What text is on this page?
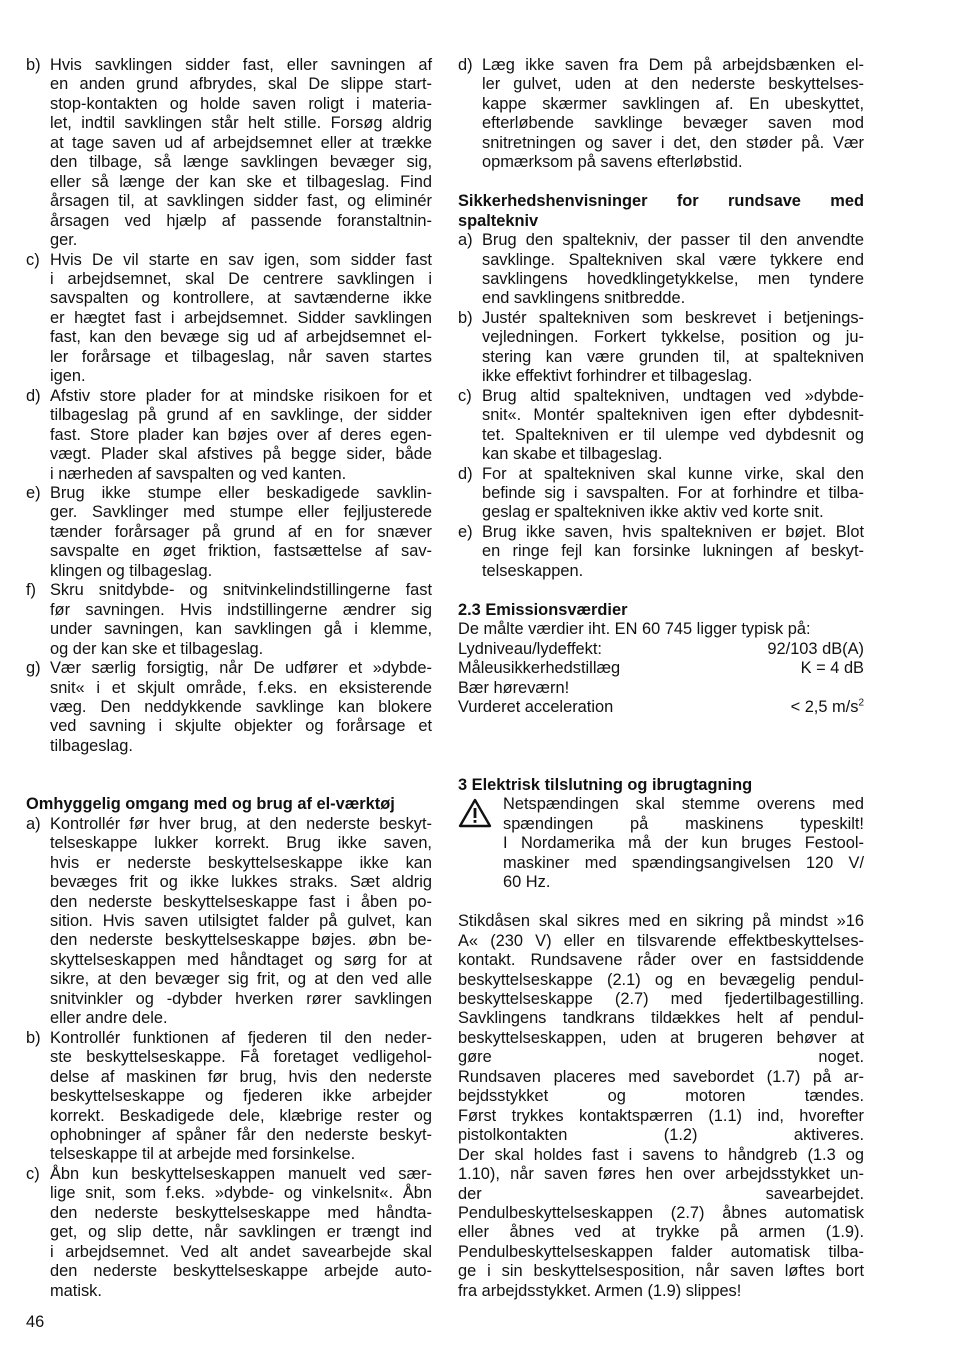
b) Hvis savklingen sidder fast, eller savningen af
en anden grund afbrydes, skal De slippe start-
stop-kontakten og holde saven roligt i materia-
let, indtil savklingen står helt stille. Forsøg aldrig
at tage saven ud af arbejdsemnet eller at trække
den tilbage, så længe savklingen bevæger sig,
eller så længe der kan ske et tilbageslag. Find
årsagen til, at savklingen sidder fast, og eliminér
årsagen ved hjælp af passende foranstaltnin-
ger.
c) Hvis De vil starte en sav igen, som sidder fast
i arbejdsemnet, skal De centrere savklingen i
savspalten og kontrollere, at savtænderne ikke
er hægtet fast i arbejdsemnet. Sidder savklingen
fast, kan den bevæge sig ud af arbejdsemnet el-
ler forårsage et tilbageslag, når saven startes
igen.
d) Afstiv store plader for at mindske risikoen for et
tilbageslag på grund af en savklinge, der sidder
fast. Store plader kan bøjes over af deres egen-
vægt. Plader skal afstives på begge sider, både
i nærheden af savspalten og ved kanten.
e) Brug ikke stumpe eller beskadigede savklin-
ger. Savklinger med stumpe eller fejljusterede
tænder forårsager på grund af en for snæver
savspalte en øget friktion, fastsættelse af sav-
klingen og tilbageslag.
f) Skru snitdybde- og snitvinkelindstillingerne fast
før savningen. Hvis indstillingerne ændrer sig
under savningen, kan savklingen gå i klemme,
og der kan ske et tilbageslag.
g) Vær særlig forsigtig, når De udfører et »dybde-
snit« i et skjult område, f.eks. en eksisterende
væg. Den neddykkende savklinge kan blokere
ved savning i skjulte objekter og forårsage et
tilbageslag.
Omhyggelig omgang med og brug af el-værktøj
a) Kontrollér før hver brug, at den nederste beskyt-
telseskappe lukker korrekt. Brug ikke saven,
hvis er nederste beskyttelseskappe ikke kan
bevæges frit og ikke lukkes straks. Sæt aldrig
den nederste beskyttelseskappe fast i åben po-
sition. Hvis saven utilsigtet falder på gulvet, kan
den nederste beskyttelseskappe bøjes. øbn be-
skyttelseskappen med håndtaget og sørg for at
sikre, at den bevæger sig frit, og at den ved alle
snitvinkler og -dybder hverken rører savklingen
eller andre dele.
b) Kontrollér funktionen af fjederen til den neder-
ste beskyttelseskappe. Få foretaget vedligehol-
delse af maskinen før brug, hvis den nederste
beskyttelseskappe og fjederen ikke arbejder
korrekt. Beskadigede dele, klæbrige rester og
ophobninger af spåner får den nederste beskyt-
telseskappe til at arbejde med forsinkelse.
c) Åbn kun beskyttelseskappen manuelt ved sær-
lige snit, som f.eks. »dybde- og vinkelsnit«. Åbn
den nederste beskyttelseskappe med håndta-
get, og slip dette, når savklingen er trængt ind
i arbejdsemnet. Ved alt andet savearbejde skal
den nederste beskyttelseskappe arbejde auto-
matisk.
d) Læg ikke saven fra Dem på arbejdsbænken el-
ler gulvet, uden at den nederste beskyttelses-
kappe skærmer savklingen af. En ubeskyttet,
efterløbende savklinge bevæger saven mod
snitretningen og saver i det, den støder på. Vær
opmærksom på savens efterløbstid.
Sikkerhedshenvisninger for rundsave med
spaltekniv
a) Brug den spaltekniv, der passer til den anvendte
savklinge. Spaltekniven skal være tykkere end
savklingens hovedklingetykkelse, men tyndere
end savklingens snitbredde.
b) Justér spaltekniven som beskrevet i betjenings-
vejledningen. Forkert tykkelse, position og ju-
stering kan være grunden til, at spaltekniven
ikke effektivt forhindrer et tilbageslag.
c) Brug altid spaltekniven, undtagen ved »dybde-
snit«. Montér spaltekniven igen efter dybdesnit-
tet. Spaltekniven er til ulempe ved dybdesnit og
kan skabe et tilbageslag.
d) For at spaltekniven skal kunne virke, skal den
befinde sig i savspalten. For at forhindre et tilba-
geslag er spaltekniven ikke aktiv ved korte snit.
e) Brug ikke saven, hvis spaltekniven er bøjet. Blot
en ringe fejl kan forsinke lukningen af beskyt-
telseskappen.
2.3 Emissionsværdier
De målte værdier iht. EN 60 745 ligger typisk på:
Lydniveau/lydeffekt:	92/103 dB(A)
Måleusikkerhedstillæg	K = 4 dB
Bær høreværn!
Vurderet acceleration	< 2,5 $m/s^2$
3 Elektrisk tilslutning og ibrugtagning
Netspændingen skal stemme overens med
spændingen på maskinens typeskilt!
I Nordamerika må der kun bruges Festool-
maskiner med spændingsangivelsen 120 V/
60 Hz.
Stikdåsen skal sikres med en sikring på mindst »16
A« (230 V) eller en tilsvarende effektbeskyttelses-
kontakt. Rundsavene råder over en fastsiddende
beskyttelseskappe (2.1) og en bevægelig pendul-
beskyttelseskappe (2.7) med fjedertilbagestilling.
Savklingens tandkrans tildækkes helt af pendul-
beskyttelseskappen, uden at brugeren behøver at
gøre noget.
Rundsaven placeres med savebordet (1.7) på ar-
bejdsstykket og motoren tændes.
Først trykkes kontaktspærren (1.1) ind, hvorefter
pistolkontakten (1.2) aktiveres.
Der skal holdes fast i savens to håndgreb (1.3 og
1.10), når saven føres hen over arbejdsstykket un-
der savearbejdet.
Pendulbeskyttelseskappen (2.7) åbnes automatisk
eller åbnes ved at trykke på armen (1.9).
Pendulbeskyttelseskappen falder automatisk tilba-
ge i sin beskyttelsesposition, når saven løftes bort
fra arbejdsstykket. Armen (1.9) slippes!
46
